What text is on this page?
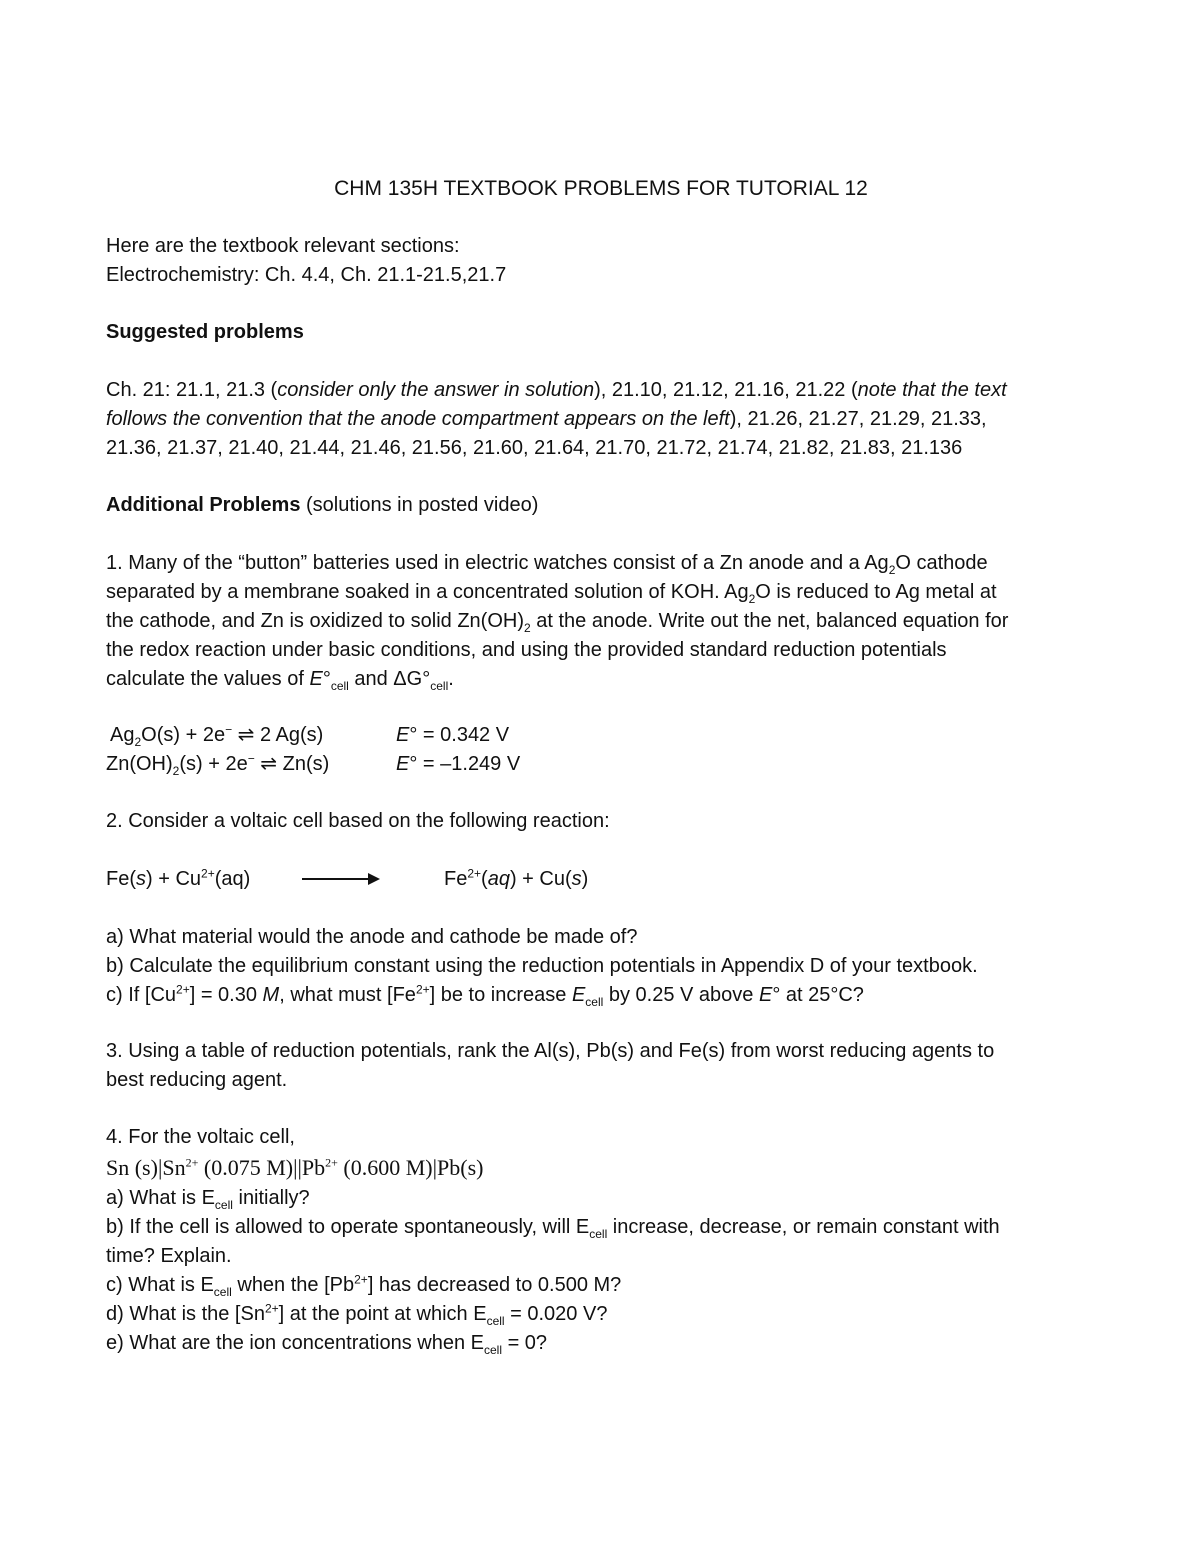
CHM 135H TEXTBOOK PROBLEMS FOR TUTORIAL 12
Here are the textbook relevant sections:
Electrochemistry: Ch. 4.4, Ch. 21.1-21.5,21.7
Suggested problems
Ch. 21: 21.1, 21.3 (consider only the answer in solution), 21.10, 21.12, 21.16, 21.22 (note that the text
follows the convention that the anode compartment appears on the left), 21.26, 21.27, 21.29, 21.33,
21.36, 21.37, 21.40, 21.44, 21.46, 21.56, 21.60, 21.64, 21.70, 21.72, 21.74, 21.82, 21.83, 21.136
Additional Problems (solutions in posted video)
1. Many of the “button” batteries used in electric watches consist of a Zn anode and a $Ag_2O$ cathode
separated by a membrane soaked in a concentrated solution of KOH. $Ag_2O$ is reduced to Ag metal at
the cathode, and Zn is oxidized to solid $Zn(OH)_2$ at the anode. Write out the net, balanced equation for
the redox reaction under basic conditions, and using the provided standard reduction potentials
calculate the values of $E^\circ_{cell}$ and $\Delta G^\circ_{cell}$.
$Ag_2O(s) + 2e^-$ ⇌ 2 Ag(s)	E° = 0.342 V
$Zn(OH)_2(s) + 2e^-$ ⇌ Zn(s)	E° = –1.249 V
2. Consider a voltaic cell based on the following reaction:
$Fe(s) + Cu^{2+}(aq)$	$Fe^{2+}(aq) + Cu(s)$
a) What material would the anode and cathode be made of?
b) Calculate the equilibrium constant using the reduction potentials in Appendix D of your textbook.
c) If $[Cu^{2+}] = 0.30$ M, what must $[Fe^{2+}]$ be to increase $E_{cell}$ by 0.25 V above E° at 25°C?
3. Using a table of reduction potentials, rank the Al(s), Pb(s) and Fe(s) from worst reducing agents to
best reducing agent.
4. For the voltaic cell,
Sn $(s)|Sn^{2+}$ (0.075 $M)||Pb^{2+}$ (0.600 M)|Pb(s)
a) What is $E_{cell}$ initially?
b) If the cell is allowed to operate spontaneously, will $E_{cell}$ increase, decrease, or remain constant with
time? Explain.
c) What is $E_{cell}$ when the $[Pb^{2+}]$ has decreased to 0.500 M?
d) What is the $[Sn^{2+}]$ at the point at which $E_{cell} = 0.020$ V?
e) What are the ion concentrations when $E_{cell} = 0$?
